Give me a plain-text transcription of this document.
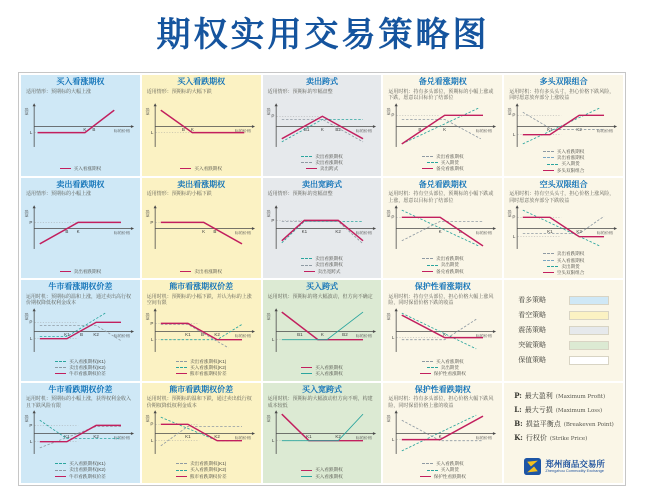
期权实用交易策略图
买入看涨期权
适用情形：预期标的大幅上涨
损益
标的价格
L
K B
买入看涨期权
买入看跌期权
适用情形：预期标的大幅下跌
损益
标的价格
L
B K
买入看跌期权
卖出跨式
适用情形：预期标的窄幅盘整
损益
标的价格
P
B1	K	B2
卖出看跌期权
卖出看涨期权
卖出跨式
备兑看涨期权
运用时机：持有多头部位，预期标的小幅上涨或下跌，愿意以目标价了结部位
损益
标的价格
P
B	K
卖出看涨期权
买入期货
备兑看涨期权
多头双限组合
运用时机：持有多头头寸，担心价格下跌风险，同时愿意放弃部分上涨收益
损益
标的价格
P
L
K1	K2
买入看跌期权
卖出看涨期权
买入期货
多头双限组合
卖出看跌期权
适用情形：预期标的小幅上涨
损益
标的价格
P
B K
卖出看跌期权
卖出看涨期权
适用情形：预期标的小幅下跌
损益
标的价格
P
K B
卖出看涨期权
卖出宽跨式
适用情形：预期标的宽幅盘整
损益
标的价格
P
K1	K2
卖出看跌期权
卖出看涨期权
卖出宽跨式
备兑看跌期权
运用时机：持有空头部位，预期标的小幅下跌或上涨，愿意以目标价了结部位
损益
标的价格
P
K	B
卖出看跌期权
卖出期货
备兑看跌期权
空头双限组合
运用时机：持有空头头寸，担心价格上涨风险，同时愿意放弃部分下跌收益
损益
标的价格
P
L
K1	K2
卖出看跌期权
买入看涨期权
卖出期货
空头双限组合
牛市看涨期权价差
运用时机：预期标的温和上涨，通过卖出高行权价期权降低权利金成本
损益
标的价格
P
L
K1	B	K2
买入看涨期权(K1)
卖出看涨期权(K2)
牛市看涨期权价差
熊市看涨期权价差
运用时机：预期标的小幅下跌，并认为标的上涨空间有限
损益
标的价格
P
L
K1	B	K2
卖出看涨期权(K1)
买入看涨期权(K2)
熊市看涨期权价差
买入跨式
运用时机：预期标的将大幅波动，但方向不确定
损益
标的价格
L
B1	K	B2
买入看跌期权
买入看涨期权
保护性看涨期权
运用时机：持有空头部位，担心价格大幅上涨风险，同时保留价格下跌的收益
损益
标的价格
L
K
买入看涨期权
卖出期货
保护性看涨期权
看多策略
看空策略
震荡策略
突破策略
保值策略
牛市看跌期权价差
运用时机：预期标的小幅上涨，获得权利金收入且下跌风险有限
损益
标的价格
P
L
K1	K2
买入看跌期权(K1)
卖出看跌期权(K2)
牛市看跌期权价差
熊市看跌期权价差
运用时机：预期标的温和下跌，通过卖出低行权价期权降低权利金成本
损益
标的价格
P
L
K1	K2
卖出看跌期权(K1)
买入看跌期权(K2)
熊市看跌期权价差
买入宽跨式
运用时机：预期标的大幅波动但方向不明，构建成本较低
损益
标的价格
L
K1	K2
买入看跌期权
买入看涨期权
保护性看跌期权
运用时机：持有多头部位，担心价格大幅下跌风险，同时保留价格上涨的收益
损益
标的价格
L
K
买入看跌期权
买入期货
保护性看跌期权
P: 最大盈利 (Maximum Profit)
L: 最大亏损 (Maximum Loss)
B: 损益平衡点 (Breakeven Point)
K: 行权价 (Strike Price)
郑州商品交易所
Zhengzhou Commodity Exchange
